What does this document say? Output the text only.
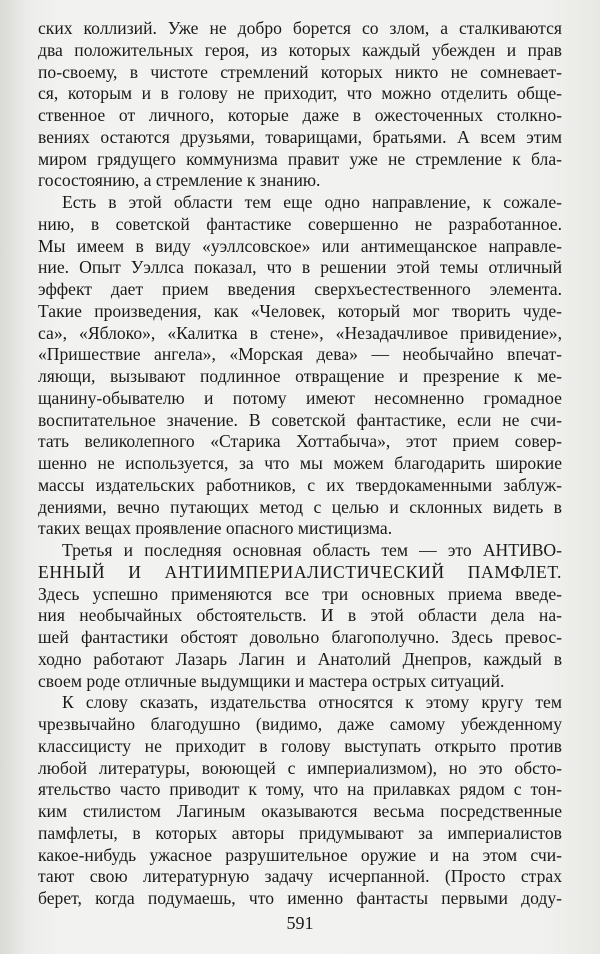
ских коллизий. Уже не добро борется со злом, а сталкиваются
два положительных героя, из которых каждый убежден и прав
по-своему, в чистоте стремлений которых никто не сомневает-
ся, которым и в голову не приходит, что можно отделить обще-
ственное от личного, которые даже в ожесточенных столкно-
вениях остаются друзьями, товарищами, братьями. А всем этим
миром грядущего коммунизма правит уже не стремление к бла-
госостоянию, а стремление к знанию.
Есть в этой области тем еще одно направление, к сожале-
нию, в советской фантастике совершенно не разработанное.
Мы имеем в виду «уэллсовское» или антимещанское направле-
ние. Опыт Уэллса показал, что в решении этой темы отличный
эффект дает прием введения сверхъестественного элемента.
Такие произведения, как «Человек, который мог творить чуде-
са», «Яблоко», «Калитка в стене», «Незадачливое привидение»,
«Пришествие ангела», «Морская дева» — необычайно впечат-
ляющи, вызывают подлинное отвращение и презрение к ме-
щанину-обывателю и потому имеют несомненно громадное
воспитательное значение. В советской фантастике, если не счи-
тать великолепного «Старика Хоттабыча», этот прием совер-
шенно не используется, за что мы можем благодарить широкие
массы издательских работников, с их твердокаменными заблуж-
дениями, вечно путающих метод с целью и склонных видеть в
таких вещах проявление опасного мистицизма.
Третья и последняя основная область тем — это АНТИВО-
ЕННЫЙ И АНТИИМПЕРИАЛИСТИЧЕСКИЙ ПАМФЛЕТ.
Здесь успешно применяются все три основных приема введе-
ния необычайных обстоятельств. И в этой области дела на-
шей фантастики обстоят довольно благополучно. Здесь превос-
ходно работают Лазарь Лагин и Анатолий Днепров, каждый в
своем роде отличные выдумщики и мастера острых ситуаций.
К слову сказать, издательства относятся к этому кругу тем
чрезвычайно благодушно (видимо, даже самому убежденному
классицисту не приходит в голову выступать открыто против
любой литературы, воюющей с империализмом), но это обсто-
ятельство часто приводит к тому, что на прилавках рядом с тон-
ким стилистом Лагиным оказываются весьма посредственные
памфлеты, в которых авторы придумывают за империалистов
какое-нибудь ужасное разрушительное оружие и на этом счи-
тают свою литературную задачу исчерпанной. (Просто страх
берет, когда подумаешь, что именно фантасты первыми доду-
591
